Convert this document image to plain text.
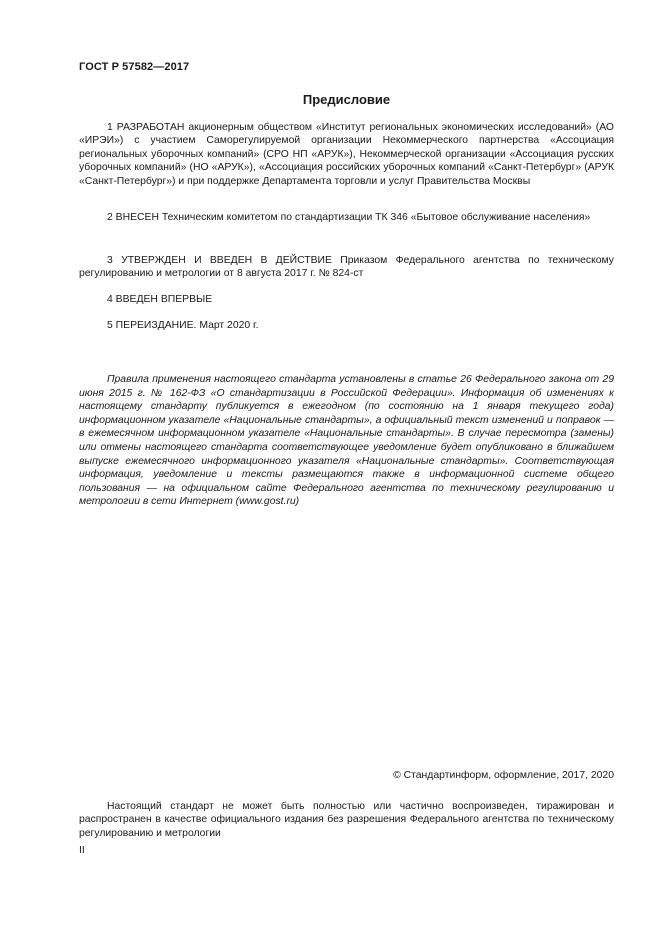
ГОСТ Р 57582—2017
Предисловие

1 РАЗРАБОТАН акционерным обществом «Институт региональных экономических исследований» (АО «ИРЭИ») с участием Саморегулируемой организации Некоммерческого партнерства «Ассоциация региональных уборочных компаний» (СРО НП «АРУК»), Некоммерческой организации «Ассоциация русских уборочных компаний» (НО «АРУК»), «Ассоциация российских уборочных компаний «Санкт-Петербург» (АРУК «Санкт-Петербург») и при поддержке Департамента торговли и услуг Правительства Москвы

2 ВНЕСЕН Техническим комитетом по стандартизации ТК 346 «Бытовое обслуживание населения»

3 УТВЕРЖДЕН И ВВЕДЕН В ДЕЙСТВИЕ Приказом Федерального агентства по техническому регулированию и метрологии от 8 августа 2017 г. № 824-ст

4 ВВЕДЕН ВПЕРВЫЕ

5 ПЕРЕИЗДАНИЕ. Март 2020 г.

Правила применения настоящего стандарта установлены в статье 26 Федерального закона от 29 июня 2015 г. № 162-ФЗ «О стандартизации в Российской Федерации». Информация об изменениях к настоящему стандарту публикуется в ежегодном (по состоянию на 1 января текущего года) информационном указателе «Национальные стандарты», а официальный текст изменений и поправок — в ежемесячном информационном указателе «Национальные стандарты». В случае пересмотра (замены) или отмены настоящего стандарта соответствующее уведомление будет опубликовано в ближайшем выпуске ежемесячного информационного указателя «Национальные стандарты». Соответствующая информация, уведомление и тексты размещаются также в информационной системе общего пользования — на официальном сайте Федерального агентства по техническому регулированию и метрологии в сети Интернет (www.gost.ru)

© Стандартинформ, оформление, 2017, 2020

Настоящий стандарт не может быть полностью или частично воспроизведен, тиражирован и распространен в качестве официального издания без разрешения Федерального агентства по техническому регулированию и метрологии

II
